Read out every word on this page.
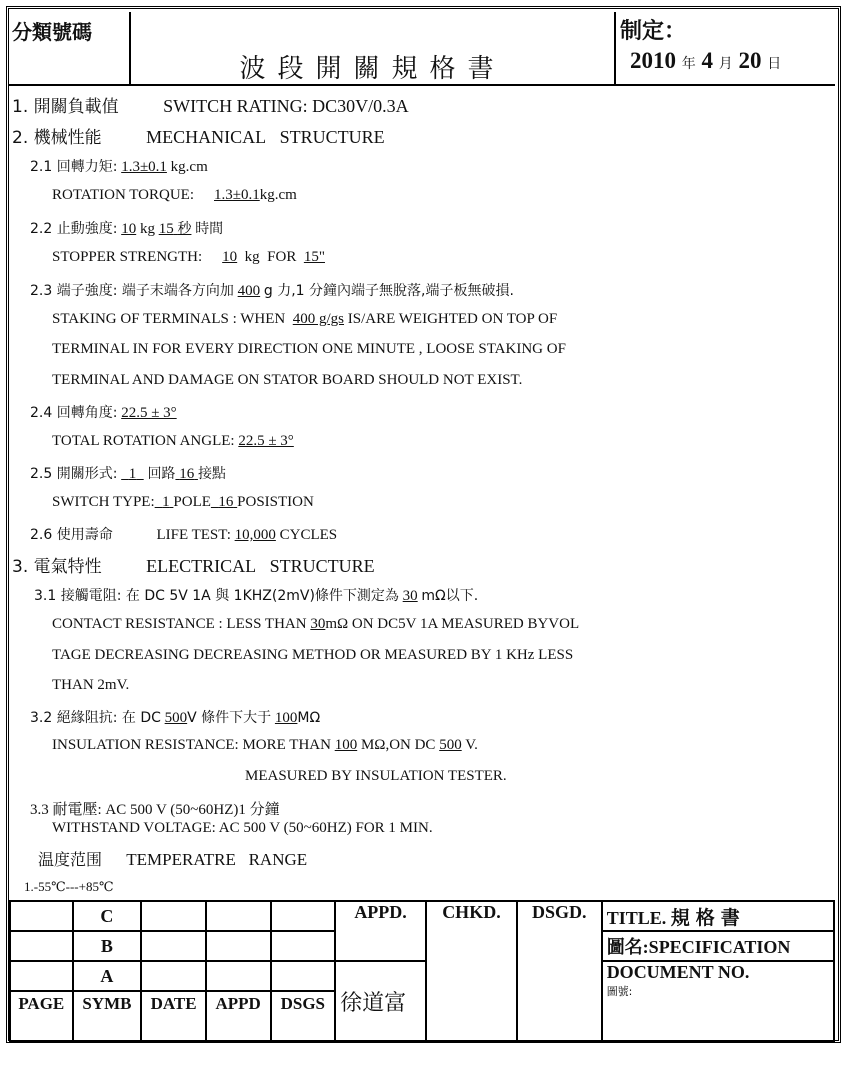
分類號碼
波段開關規格書
制定：
2010 年 4 月 20 日
1. 開關負載值 SWITCH RATING: DC30V/0.3A
2. 機械性能 MECHANICAL STRUCTURE
2.1 回轉力矩: 1.3±0.1 kg.cm
ROTATION TORQUE: 1.3±0.1kg.cm
2.2 止動強度: 10 kg 15 秒 時間
STOPPER STRENGTH: 10 kg FOR 15"
2.3 端子強度: 端子末端各方向加 400 g 力,1 分鐘內端子無脫落,端子板無破損.
STAKING OF TERMINALS : WHEN 400 g/gs IS/ARE WEIGHTED ON TOP OF
TERMINAL IN FOR EVERY DIRECTION ONE MINUTE , LOOSE STAKING OF
TERMINAL AND DAMAGE ON STATOR BOARD SHOULD NOT EXIST.
2.4 回轉角度: 22.5 ± 3°
TOTAL ROTATION ANGLE: 22.5 ± 3°
2.5 開關形式: 1 回路 16 接點
SWITCH TYPE: 1 POLE 16 POSISTION
2.6 使用壽命	LIFE TEST: 10,000 CYCLES
3. 電氣特性 ELECTRICAL STRUCTURE
3.1 接觸電阻: 在 DC 5V 1A 與 1KHZ(2mV)條件下測定為 30 mΩ以下.
CONTACT RESISTANCE : LESS THAN 30mΩ ON DC5V 1A MEASURED BYVOL
TAGE DECREASING DECREASING METHOD OR MEASURED BY 1 KHz LESS
THAN 2mV.
3.2 絕緣阻抗: 在 DC 500V 條件下大于 100MΩ
INSULATION RESISTANCE: MORE THAN 100 MΩ,ON DC 500 V.
MEASURED BY INSULATION TESTER.
3.3 耐電壓: AC 500 V (50~60HZ)1 分鐘
WITHSTAND VOLTAGE: AC 500 V (50~60HZ) FOR 1 MIN.
温度范围 TEMPERATRE RANGE
1.-55℃---+85℃
	C				APPD.	CHKD.	DSGD.	TITLE. 規格書
	B							圖名:SPECIFICATION
	A				徐道富			DOCUMENT NO.
圖號:

PAGE	SYMB	DATE	APPD	DSGS				
